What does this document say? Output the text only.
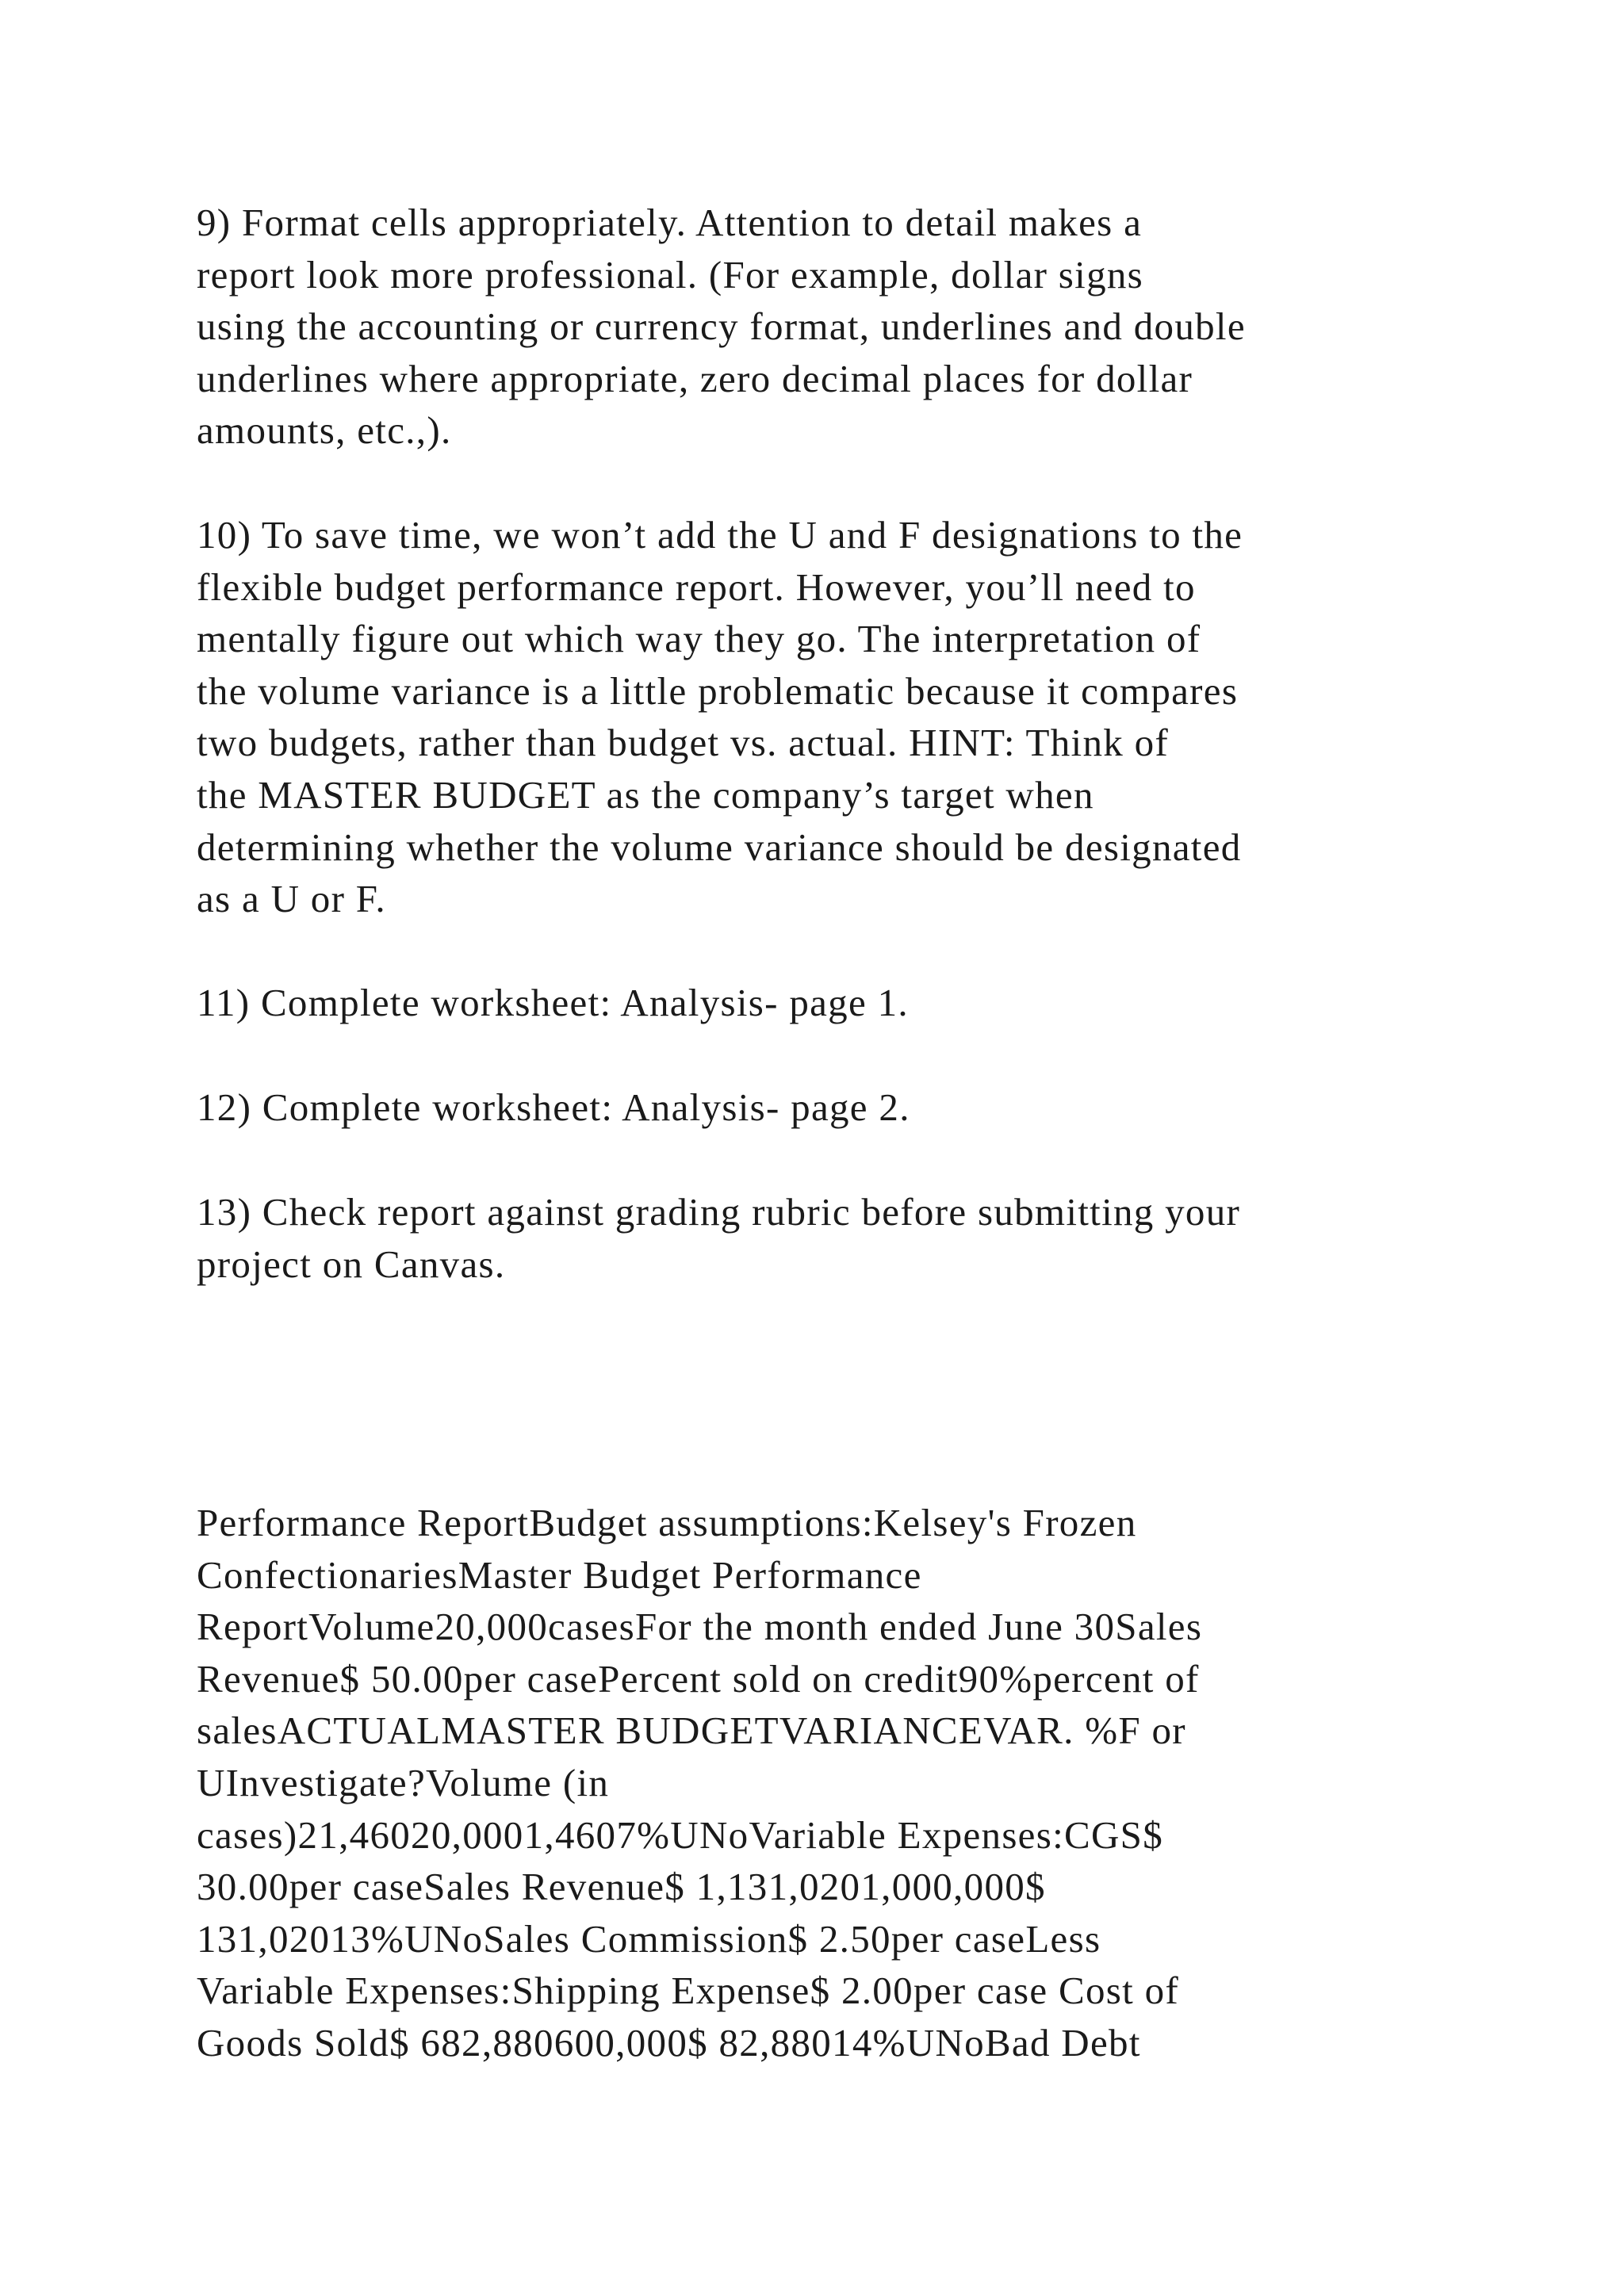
9) Format cells appropriately. Attention to detail makes a
report look more professional. (For example, dollar signs
using the accounting or currency format, underlines and double
underlines where appropriate, zero decimal places for dollar
amounts, etc.,).

10) To save time, we won’t add the U and F designations to the
flexible budget performance report. However, you’ll need to
mentally figure out which way they go. The interpretation of
the volume variance is a little problematic because it compares
two budgets, rather than budget vs. actual. HINT: Think of
the MASTER BUDGET as the company’s target when
determining whether the volume variance should be designated
as a U or F.

11) Complete worksheet: Analysis- page 1.

12) Complete worksheet: Analysis- page 2.

13) Check report against grading rubric before submitting your
project on Canvas.

Performance ReportBudget assumptions:Kelsey's Frozen
ConfectionariesMaster Budget Performance
ReportVolume20,000casesFor the month ended June 30Sales
Revenue$ 50.00per casePercent sold on credit90%percent of
salesACTUALMASTER BUDGETVARIANCEVAR. %F or
UInvestigate?Volume (in
cases)21,46020,0001,4607%UNoVariable Expenses:CGS$
30.00per caseSales Revenue$ 1,131,0201,000,000$
131,02013%UNoSales Commission$ 2.50per caseLess
Variable Expenses:Shipping Expense$ 2.00per case Cost of
Goods Sold$ 682,880600,000$ 82,88014%UNoBad Debt
